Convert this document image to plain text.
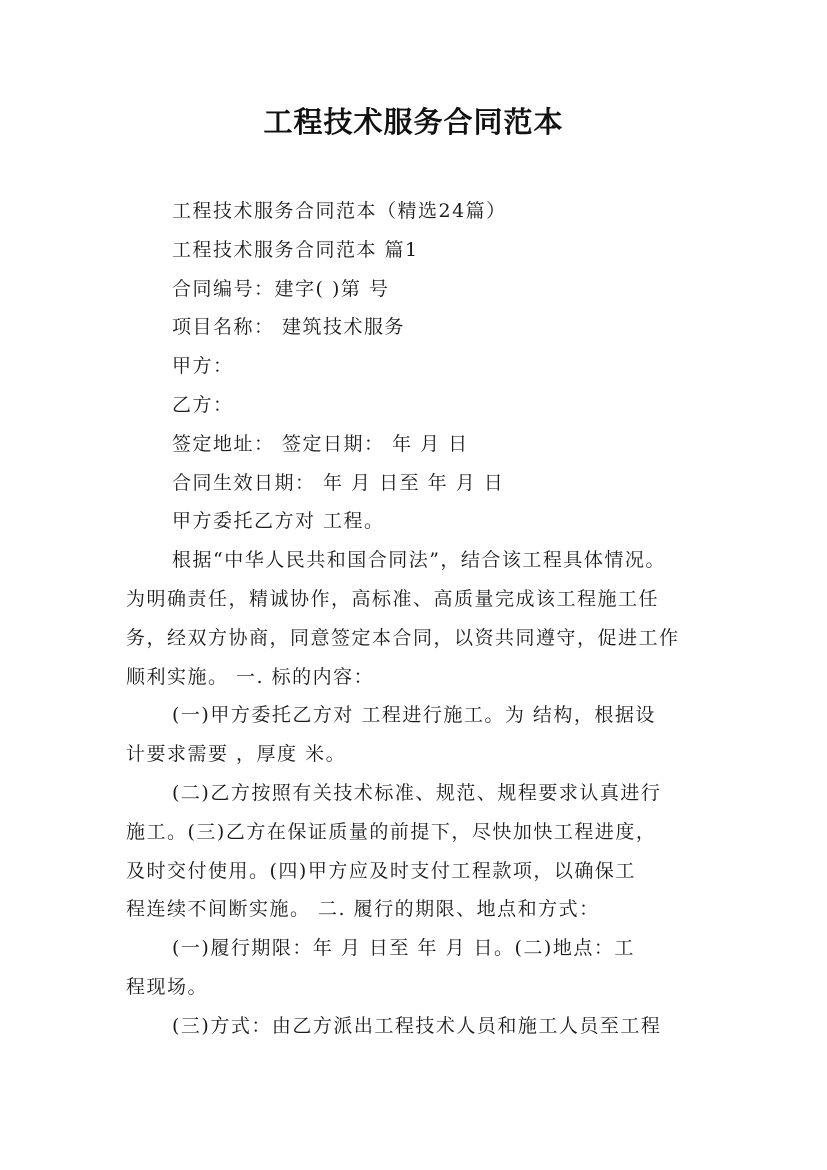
工程技术服务合同范本

工程技术服务合同范本（精选24篇）

工程技术服务合同范本 篇1

合同编号：建字( )第 号

项目名称： 建筑技术服务

甲方：

乙方：

签定地址： 签定日期： 年 月 日

合同生效日期： 年 月 日至 年 月 日

甲方委托乙方对 工程。

根据“中华人民共和国合同法”，结合该工程具体情况。

为明确责任，精诚协作，高标准、高质量完成该工程施工任

务，经双方协商，同意签定本合同，以资共同遵守，促进工作

顺利实施。 一. 标的内容：

(一)甲方委托乙方对 工程进行施工。为 结构，根据设

计要求需要 ，厚度 米。

(二)乙方按照有关技术标准、规范、规程要求认真进行

施工。(三)乙方在保证质量的前提下，尽快加快工程进度，

及时交付使用。(四)甲方应及时支付工程款项，以确保工

程连续不间断实施。 二. 履行的期限、地点和方式：

(一)履行期限：年 月 日至 年 月 日。(二)地点：工

程现场。

(三)方式：由乙方派出工程技术人员和施工人员至工程
